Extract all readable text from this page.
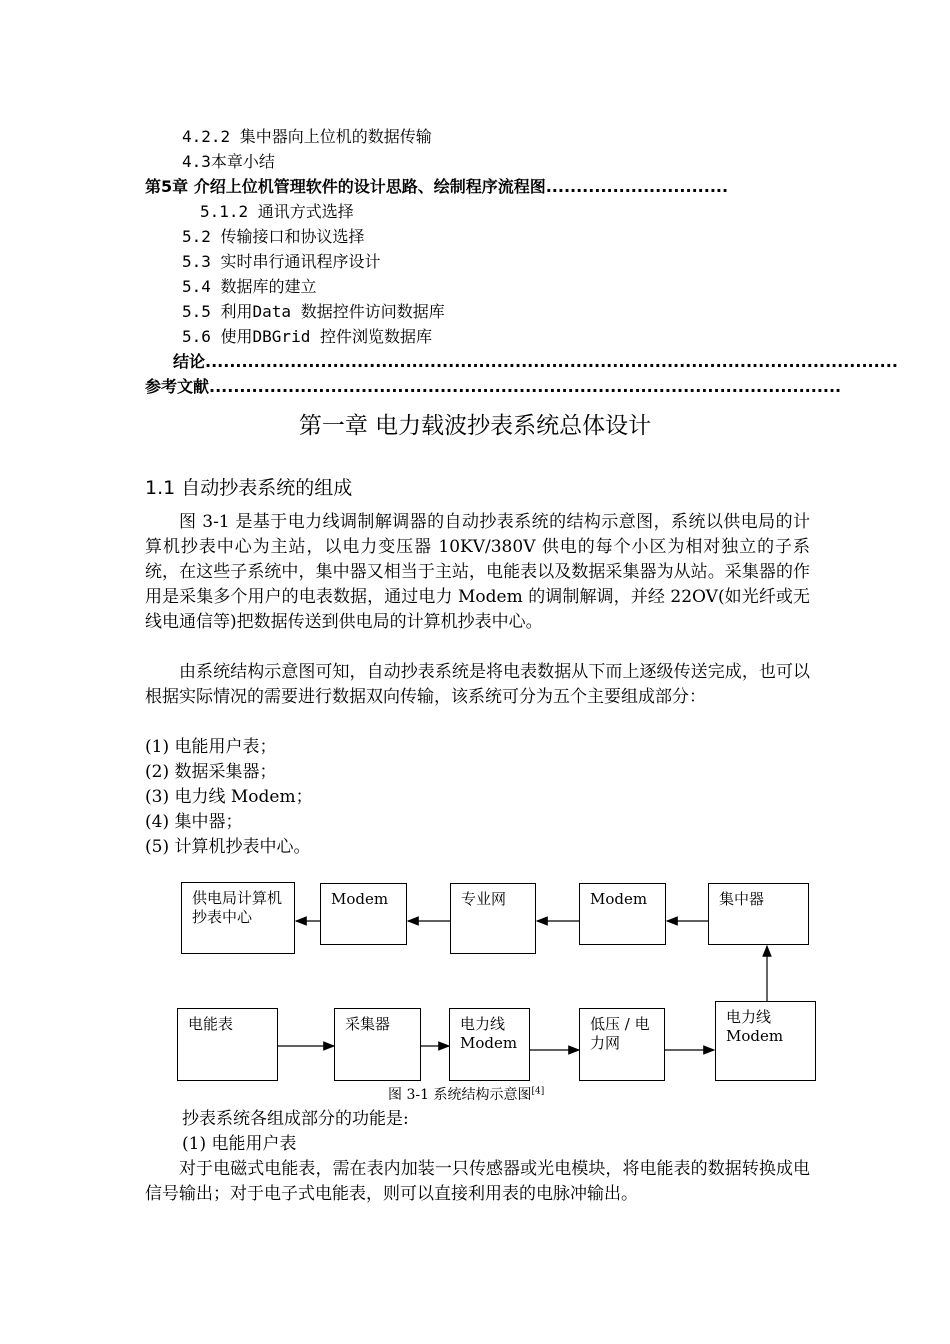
4.2.2 集中器向上位机的数据传输
4.3本章小结
第5章 介绍上位机管理软件的设计思路、绘制程序流程图..............................
5.1.2 通讯方式选择
5.2 传输接口和协议选择
5.3 实时串行通讯程序设计
5.4 数据库的建立
5.5 利用Data 数据控件访问数据库
5.6 使用DBGrid 控件浏览数据库
结论..................................................................................................................
参考文献........................................................................................................
第一章 电力载波抄表系统总体设计
1.1 自动抄表系统的组成
图 3-1 是基于电力线调制解调器的自动抄表系统的结构示意图，系统以供电局的计算机抄表中心为主站，以电力变压器 10KV/380V 供电的每个小区为相对独立的子系统，在这些子系统中，集中器又相当于主站，电能表以及数据采集器为从站。采集器的作用是采集多个用户的电表数据，通过电力 Modem 的调制解调，并经 22OV(如光纤或无线电通信等)把数据传送到供电局的计算机抄表中心。
由系统结构示意图可知，自动抄表系统是将电表数据从下而上逐级传送完成，也可以根据实际情况的需要进行数据双向传输，该系统可分为五个主要组成部分：
(1) 电能用户表；
(2) 数据采集器；
(3) 电力线 Modem；
(4) 集中器；
(5) 计算机抄表中心。
供电局计算机抄表中心
Modem	专业网	Modem	集中器
电能表	采集器	电力线 Modem
低压 / 电力网
电力线 Modem
图 3-1 系统结构示意图[4]
抄表系统各组成部分的功能是:
(1) 电能用户表
对于电磁式电能表，需在表内加装一只传感器或光电模块，将电能表的数据转换成电信号输出；对于电子式电能表，则可以直接利用表的电脉冲输出。
